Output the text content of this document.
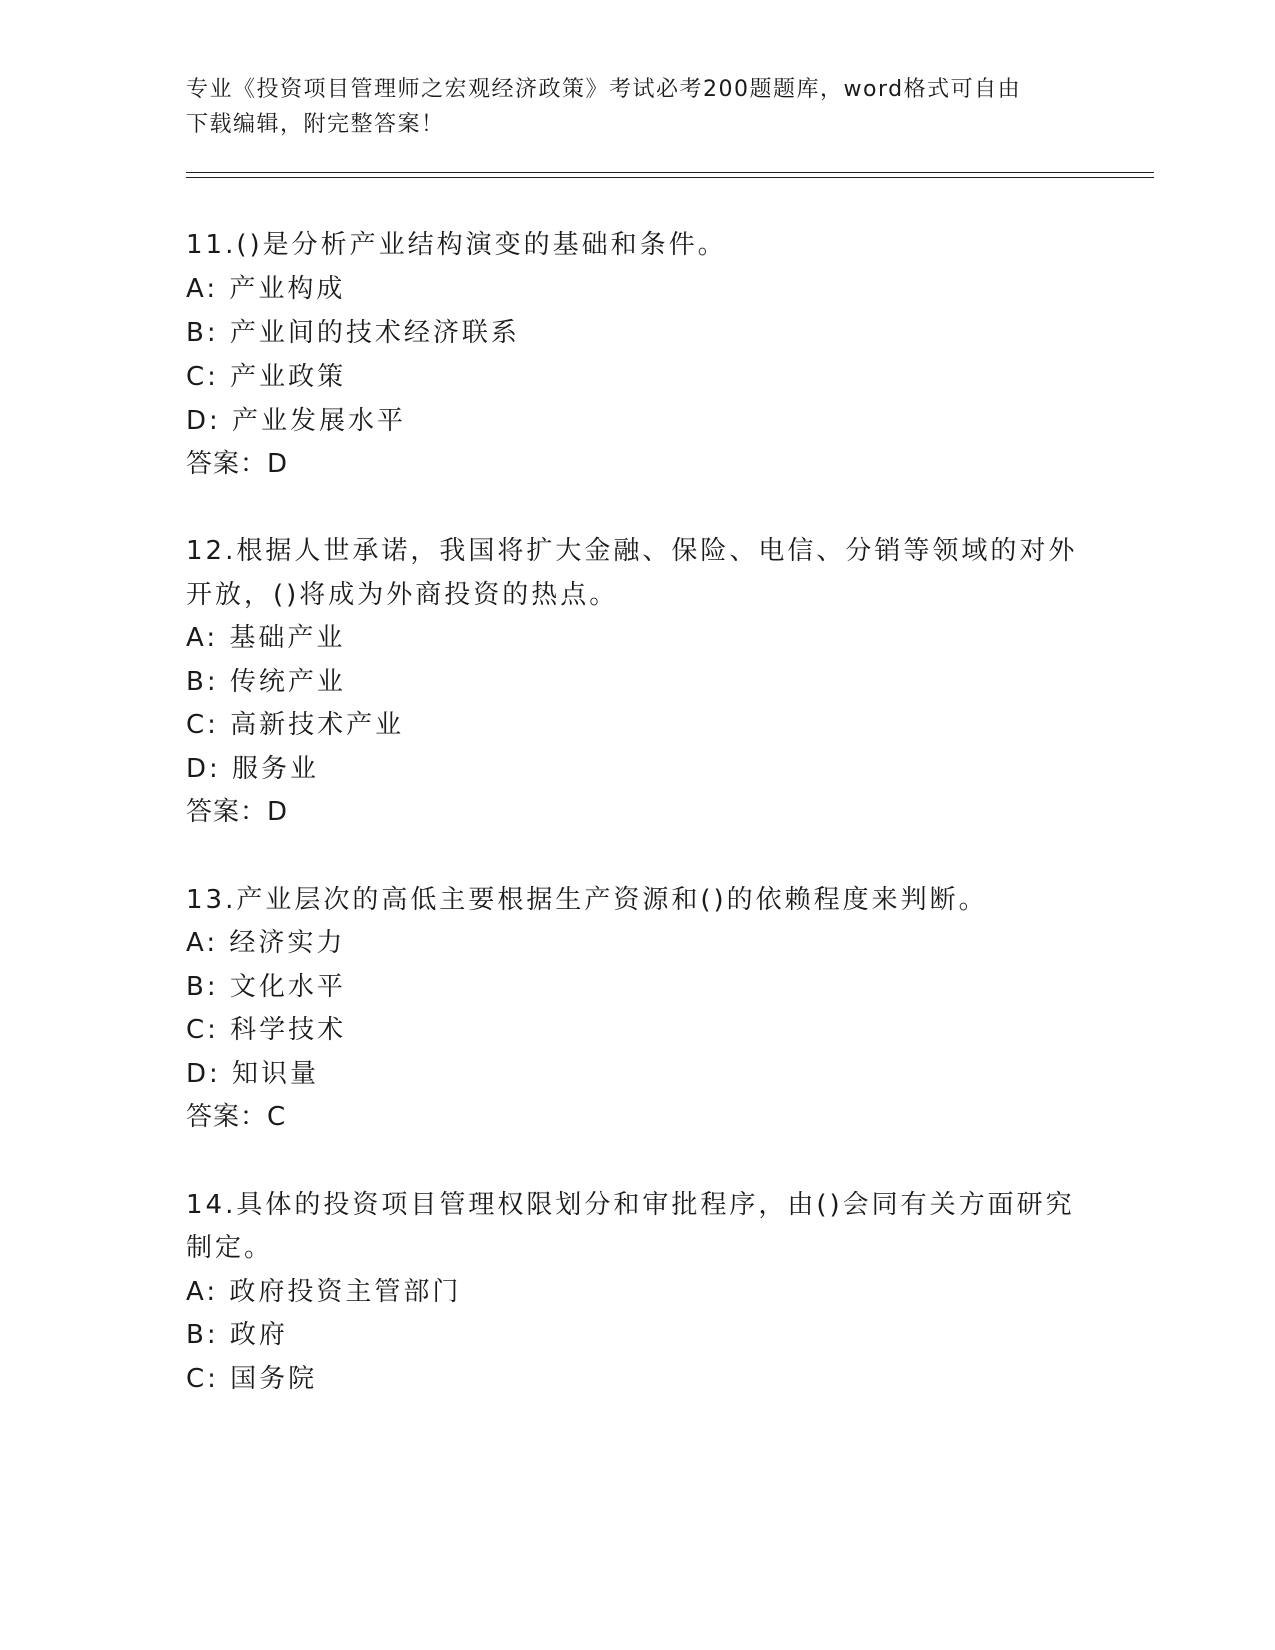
专业《投资项目管理师之宏观经济政策》考试必考200题题库，word格式可自由
下载编辑，附完整答案！
11.()是分析产业结构演变的基础和条件。
A: 产业构成
B: 产业间的技术经济联系
C: 产业政策
D: 产业发展水平
答案：D
12.根据人世承诺，我国将扩大金融、保险、电信、分销等领域的对外
开放，()将成为外商投资的热点。
A: 基础产业
B: 传统产业
C: 高新技术产业
D: 服务业
答案：D
13.产业层次的高低主要根据生产资源和()的依赖程度来判断。
A: 经济实力
B: 文化水平
C: 科学技术
D: 知识量
答案：C
14.具体的投资项目管理权限划分和审批程序，由()会同有关方面研究
制定。
A: 政府投资主管部门
B: 政府
C: 国务院
